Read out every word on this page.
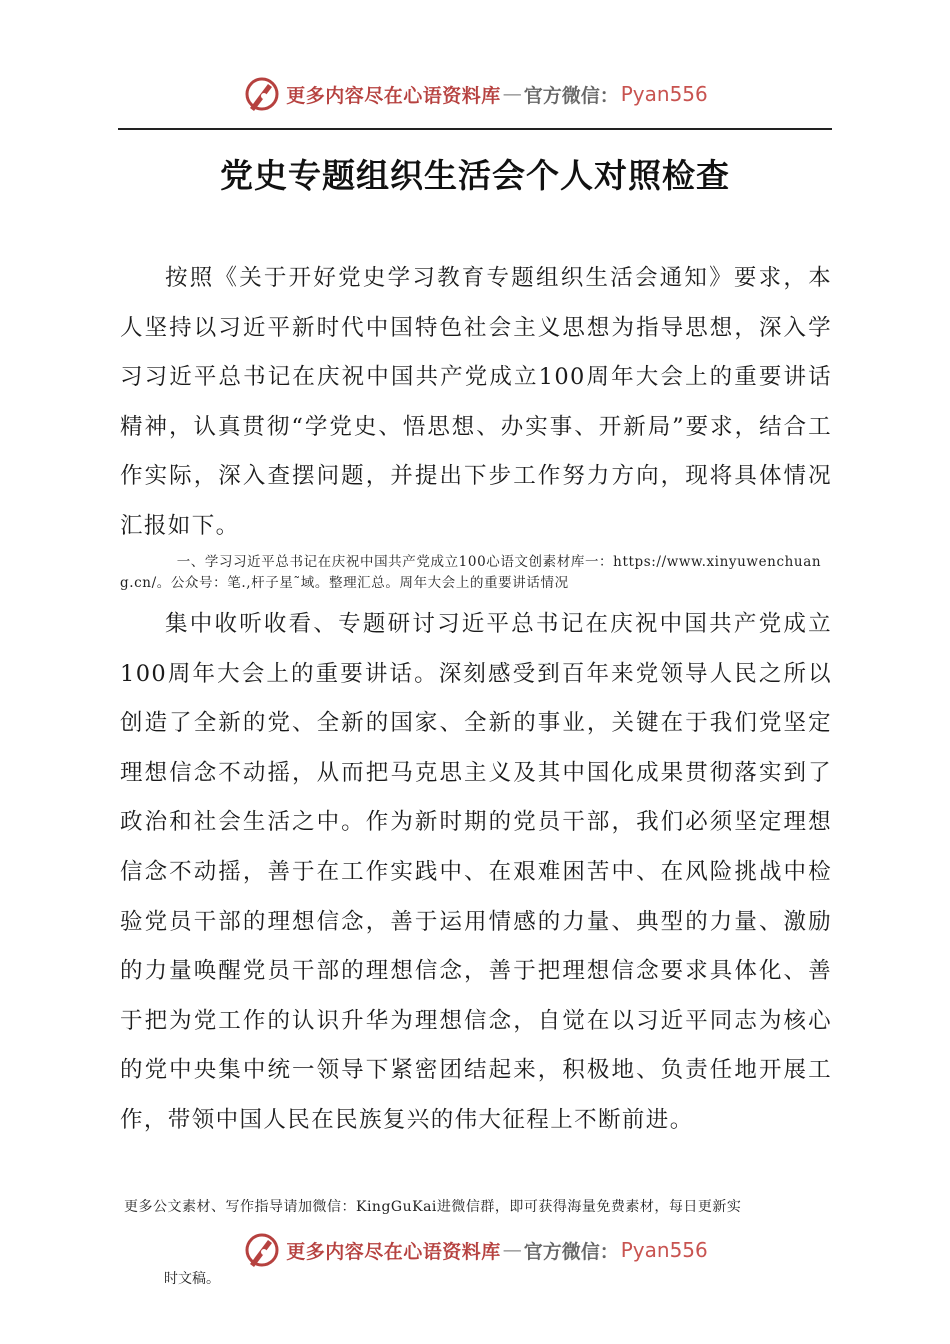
更多内容尽在心语资料库 — 官方微信： Pyan556
党史专题组织生活会个人对照检查

按照《关于开好党史学习教育专题组织生活会通知》要求，本人坚持以习近平新时代中国特色社会主义思想为指导思想，深入学习习近平总书记在庆祝中国共产党成立100周年大会上的重要讲话精神，认真贯彻“学党史、悟思想、办实事、开新局”要求，结合工作实际，深入查摆问题，并提出下步工作努力方向，现将具体情况汇报如下。

一、学习习近平总书记在庆祝中国共产党成立100心语文创素材库一：https://www.xinyuwenchuang.cn/。公众号：笔.,杆子星˜域。整理汇总。周年大会上的重要讲话情况

集中收听收看、专题研讨习近平总书记在庆祝中国共产党成立100周年大会上的重要讲话。深刻感受到百年来党领导人民之所以创造了全新的党、全新的国家、全新的事业，关键在于我们党坚定理想信念不动摇，从而把马克思主义及其中国化成果贯彻落实到了政治和社会生活之中。作为新时期的党员干部，我们必须坚定理想信念不动摇，善于在工作实践中、在艰难困苦中、在风险挑战中检验党员干部的理想信念，善于运用情感的力量、典型的力量、激励的力量唤醒党员干部的理想信念，善于把理想信念要求具体化、善于把为党工作的认识升华为理想信念，自觉在以习近平同志为核心的党中央集中统一领导下紧密团结起来，积极地、负责任地开展工作，带领中国人民在民族复兴的伟大征程上不断前进。

更多公文素材、写作指导请加微信：KingGuKai进微信群，即可获得海量免费素材，每日更新实
更多内容尽在心语资料库 — 官方微信： Pyan556
时文稿。
